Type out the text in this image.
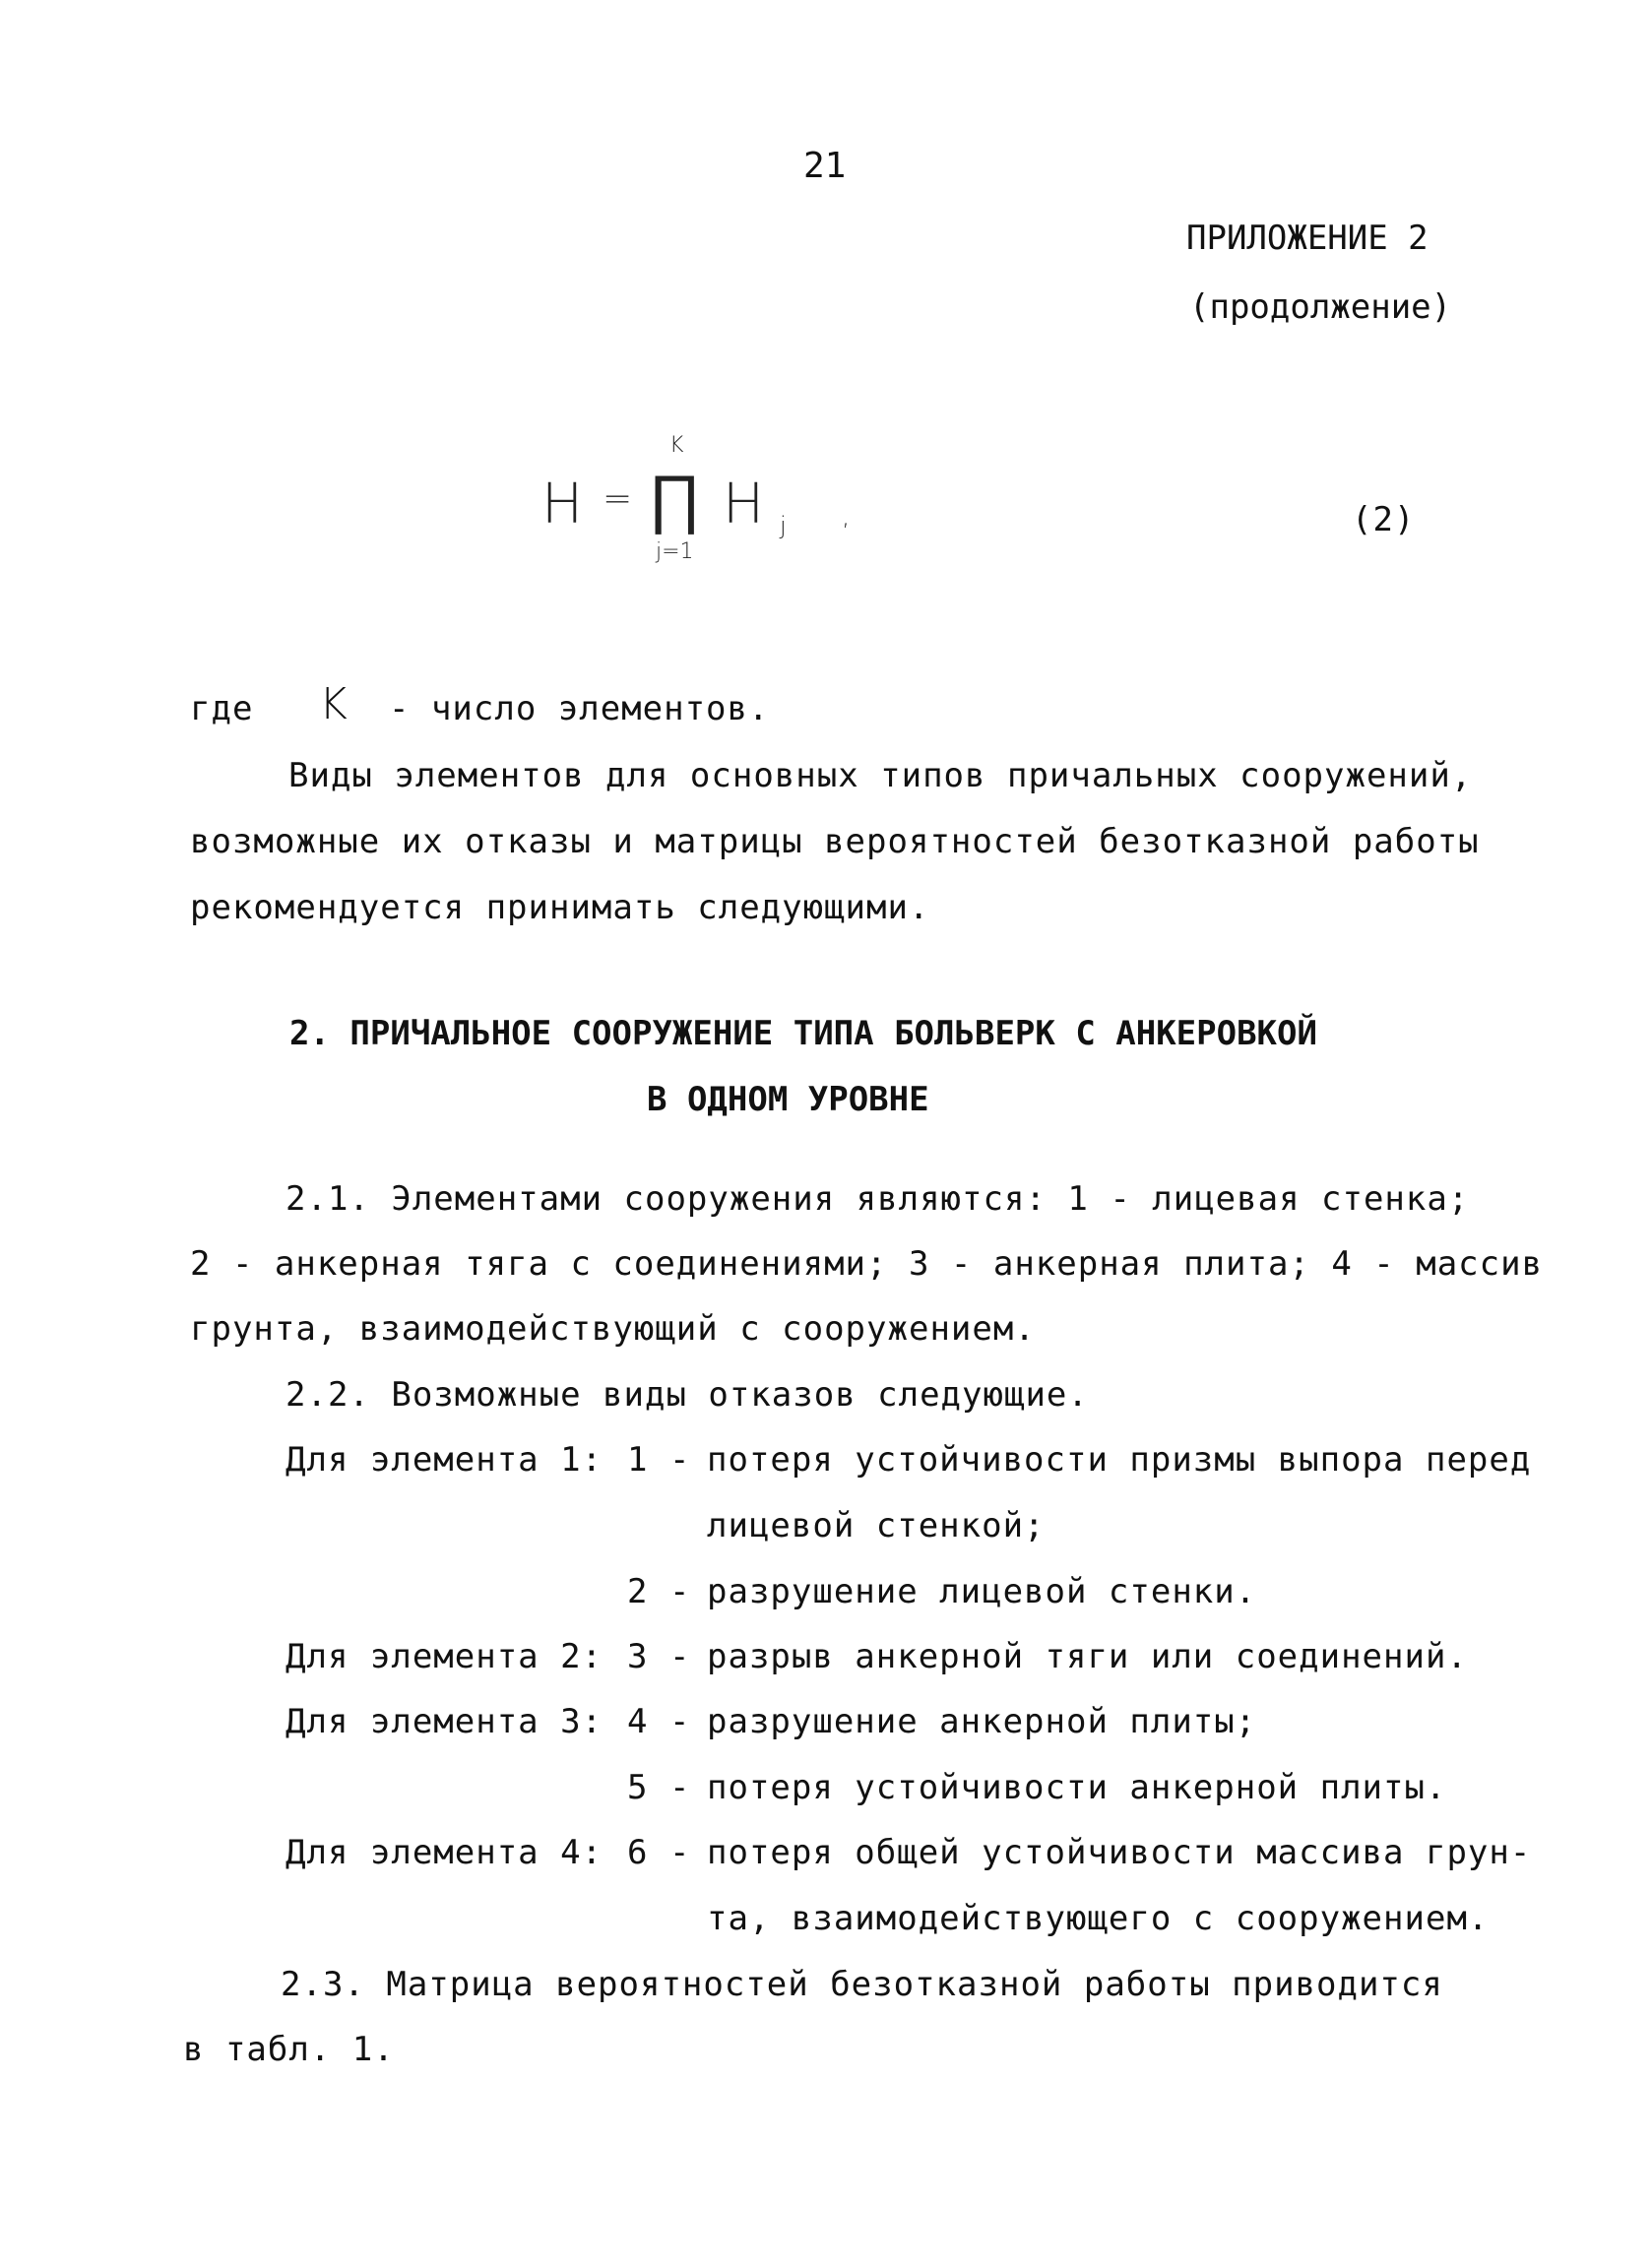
21
ПРИЛОЖЕНИЕ 2
(продолжение)
H =
K
∏
j=1
H j ,	(2)
где K - число элементов.
Виды элементов для основных типов причальных сооружений,
возможные их отказы и матрицы вероятностей безотказной работы
рекомендуется принимать следующими.
2. ПРИЧАЛЬНОЕ СООРУЖЕНИЕ ТИПА БОЛЬВЕРК С АНКЕРОВКОЙ
В ОДНОМ УРОВНЕ
2.1. Элементами сооружения являются: 1 - лицевая стенка;
2 - анкерная тяга с соединениями; 3 - анкерная плита; 4 - массив
грунта, взаимодействующий с сооружением.
2.2. Возможные виды отказов следующие.
Для элемента 1: 1 - потеря устойчивости призмы выпора перед
лицевой стенкой;
2 - разрушение лицевой стенки.
Для элемента 2: 3 - разрыв анкерной тяги или соединений.
Для элемента 3: 4 - разрушение анкерной плиты;
5 - потеря устойчивости анкерной плиты.
Для элемента 4: 6 - потеря общей устойчивости массива грун-
та, взаимодействующего с сооружением.
2.3. Матрица вероятностей безотказной работы приводится
в табл. 1.
